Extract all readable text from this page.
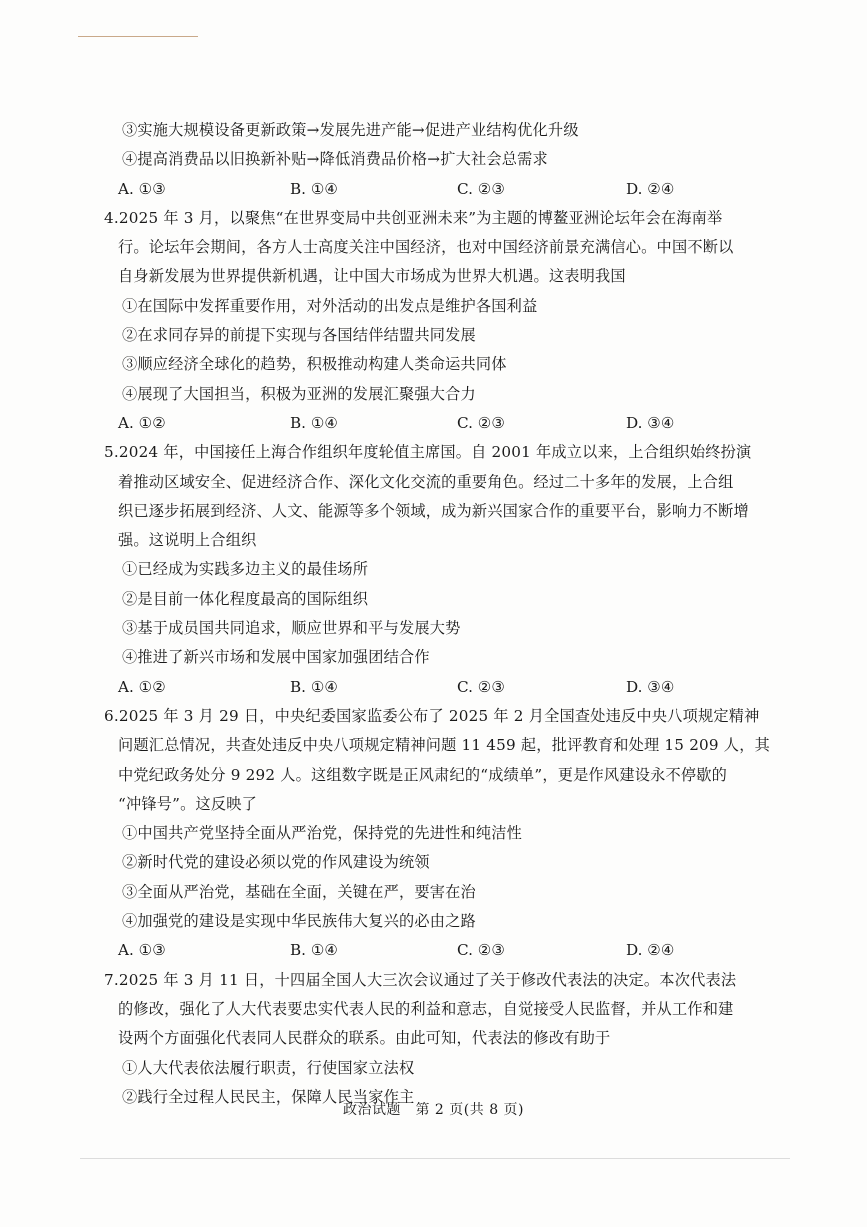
③实施大规模设备更新政策→发展先进产能→促进产业结构优化升级
④提高消费品以旧换新补贴→降低消费品价格→扩大社会总需求
A. ①③	B. ①④	C. ②③	D. ②④
4.2025 年 3 月，以聚焦“在世界变局中共创亚洲未来”为主题的博鳌亚洲论坛年会在海南举
行。论坛年会期间，各方人士高度关注中国经济，也对中国经济前景充满信心。中国不断以
自身新发展为世界提供新机遇，让中国大市场成为世界大机遇。这表明我国
①在国际中发挥重要作用，对外活动的出发点是维护各国利益
②在求同存异的前提下实现与各国结伴结盟共同发展
③顺应经济全球化的趋势，积极推动构建人类命运共同体
④展现了大国担当，积极为亚洲的发展汇聚强大合力
A. ①②	B. ①④	C. ②③	D. ③④
5.2024 年，中国接任上海合作组织年度轮值主席国。自 2001 年成立以来，上合组织始终扮演
着推动区域安全、促进经济合作、深化文化交流的重要角色。经过二十多年的发展，上合组
织已逐步拓展到经济、人文、能源等多个领域，成为新兴国家合作的重要平台，影响力不断增
强。这说明上合组织
①已经成为实践多边主义的最佳场所
②是目前一体化程度最高的国际组织
③基于成员国共同追求，顺应世界和平与发展大势
④推进了新兴市场和发展中国家加强团结合作
A. ①②	B. ①④	C. ②③	D. ③④
6.2025 年 3 月 29 日，中央纪委国家监委公布了 2025 年 2 月全国查处违反中央八项规定精神
问题汇总情况，共查处违反中央八项规定精神问题 11 459 起，批评教育和处理 15 209 人，其
中党纪政务处分 9 292 人。这组数字既是正风肃纪的“成绩单”，更是作风建设永不停歇的
“冲锋号”。这反映了
①中国共产党坚持全面从严治党，保持党的先进性和纯洁性
②新时代党的建设必须以党的作风建设为统领
③全面从严治党，基础在全面，关键在严，要害在治
④加强党的建设是实现中华民族伟大复兴的必由之路
A. ①③	B. ①④	C. ②③	D. ②④
7.2025 年 3 月 11 日，十四届全国人大三次会议通过了关于修改代表法的决定。本次代表法
的修改，强化了人大代表要忠实代表人民的利益和意志，自觉接受人民监督，并从工作和建
设两个方面强化代表同人民群众的联系。由此可知，代表法的修改有助于
①人大代表依法履行职责，行使国家立法权
②践行全过程人民民主，保障人民当家作主
政治试题　第 2 页(共 8 页)
